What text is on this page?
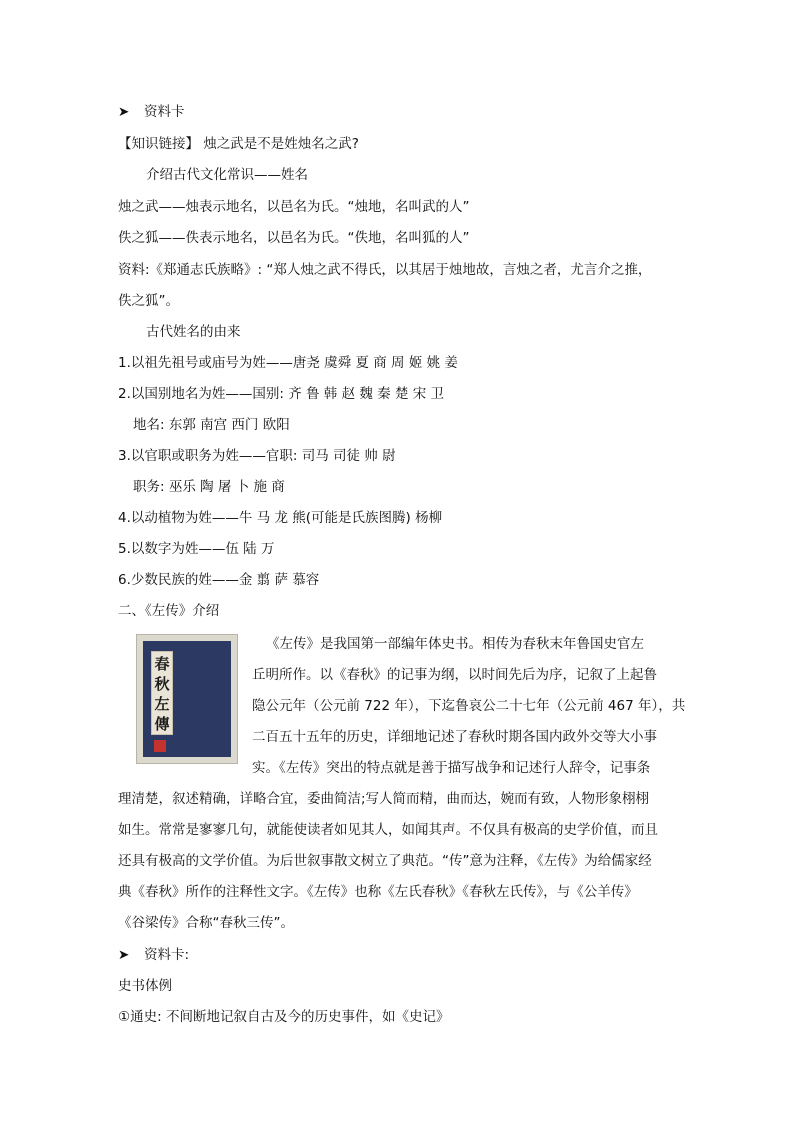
➤ 资料卡
【知识链接】 烛之武是不是姓烛名之武?
介绍古代文化常识——姓名
烛之武——烛表示地名，以邑名为氏。“烛地，名叫武的人”
佚之狐——佚表示地名，以邑名为氏。“佚地，名叫狐的人”
资料:《郑通志氏族略》: “郑人烛之武不得氏，以其居于烛地故，言烛之者，尤言介之推，
佚之狐”。
古代姓名的由来
1.以祖先祖号或庙号为姓——唐尧 虞舜 夏 商 周 姬 姚 姜
2.以国别地名为姓——国别: 齐 鲁 韩 赵 魏 秦 楚 宋 卫
地名: 东郭 南宫 西门 欧阳
3.以官职或职务为姓——官职: 司马 司徒 帅 尉
职务: 巫乐 陶 屠 卜 施 商
4.以动植物为姓——牛 马 龙 熊(可能是氏族图腾) 杨柳
5.以数字为姓——伍 陆 万
6.少数民族的姓——金 翦 萨 慕容
二、《左传》介绍
春秋左傳
《左传》是我国第一部编年体史书。相传为春秋末年鲁国史官左
丘明所作。以《春秋》的记事为纲，以时间先后为序，记叙了上起鲁
隐公元年（公元前 722 年），下迄鲁哀公二十七年（公元前 467 年），共
二百五十五年的历史，详细地记述了春秋时期各国内政外交等大小事
实。《左传》突出的特点就是善于描写战争和记述行人辞令，记事条
理清楚，叙述精确，详略合宜，委曲简洁;写人简而精，曲而达，婉而有致，人物形象栩栩
如生。常常是寥寥几句，就能使读者如见其人，如闻其声。不仅具有极高的史学价值，而且
还具有极高的文学价值。为后世叙事散文树立了典范。“传”意为注释，《左传》为给儒家经
典《春秋》所作的注释性文字。《左传》也称《左氏春秋》《春秋左氏传》，与《公羊传》
《谷梁传》合称“春秋三传”。
➤ 资料卡:
史书体例
①通史: 不间断地记叙自古及今的历史事件，如《史记》
